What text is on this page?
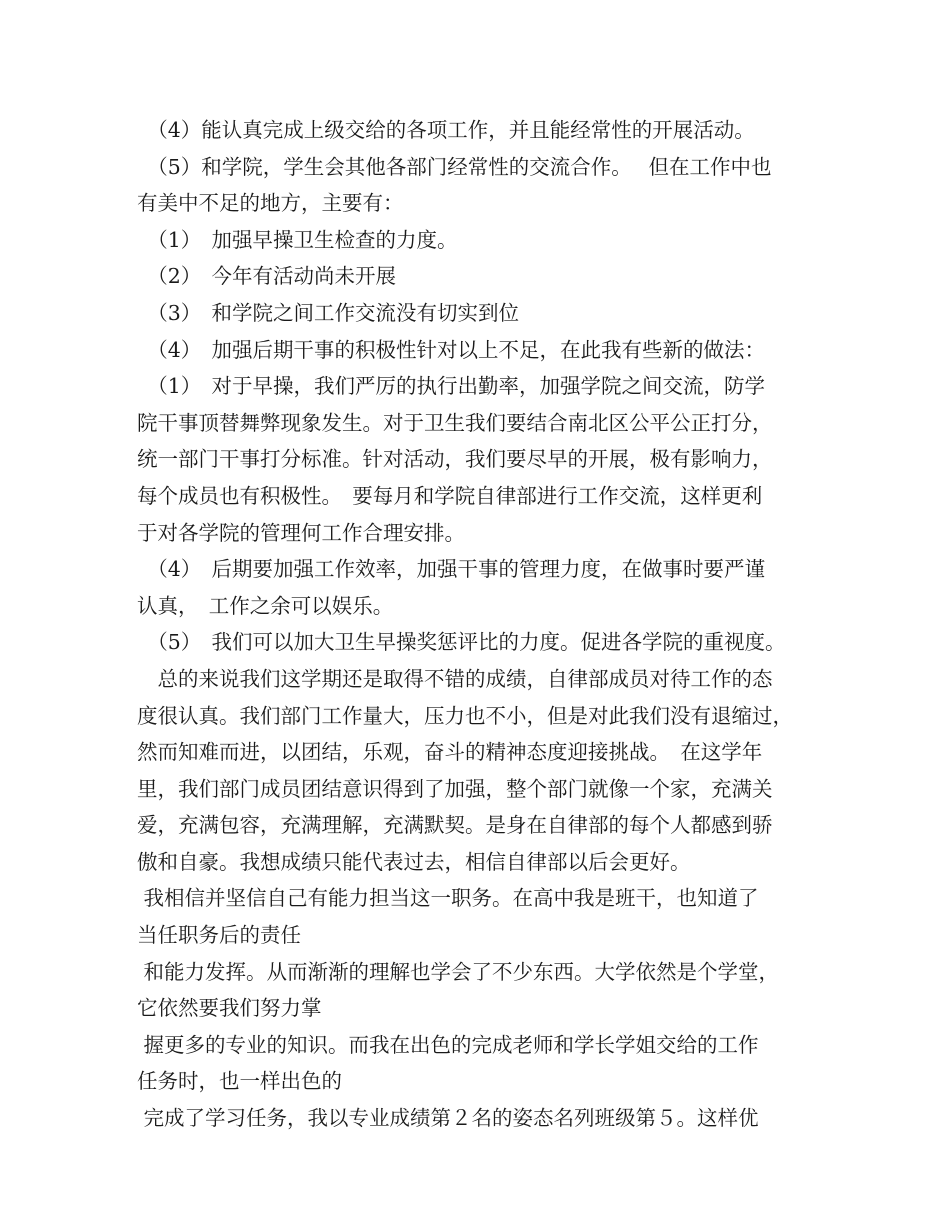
（4）能认真完成上级交给的各项工作，并且能经常性的开展活动。
（5）和学院，学生会其他各部门经常性的交流合作。　 但在工作中也
有美中不足的地方，主要有：
（1）　加强早操卫生检查的力度。
（2）　今年有活动尚未开展
（3）　和学院之间工作交流没有切实到位
（4）　加强后期干事的积极性针对以上不足，在此我有些新的做法：
（1）　对于早操，我们严厉的执行出勤率，加强学院之间交流，防学
院干事顶替舞弊现象发生。对于卫生我们要结合南北区公平公正打分，
统一部门干事打分标准。针对活动，我们要尽早的开展，极有影响力，
每个成员也有积极性。　要每月和学院自律部进行工作交流，这样更利
于对各学院的管理何工作合理安排。
（4）　后期要加强工作效率，加强干事的管理力度，在做事时要严谨
认真，　工作之余可以娱乐。
（5）　我们可以加大卫生早操奖惩评比的力度。促进各学院的重视度。
　总的来说我们这学期还是取得不错的成绩，自律部成员对待工作的态
度很认真。我们部门工作量大，压力也不小，但是对此我们没有退缩过，
然而知难而进，以团结，乐观，奋斗的精神态度迎接挑战。　在这学年
里，我们部门成员团结意识得到了加强，整个部门就像一个家，充满关
爱，充满包容，充满理解，充满默契。是身在自律部的每个人都感到骄
傲和自豪。我想成绩只能代表过去，相信自律部以后会更好。
我相信并坚信自己有能力担当这一职务。在高中我是班干，也知道了
当任职务后的责任
和能力发挥。从而渐渐的理解也学会了不少东西。大学依然是个学堂，
它依然要我们努力掌
握更多的专业的知识。而我在出色的完成老师和学长学姐交给的工作
任务时，也一样出色的
完成了学习任务，我以专业成绩第２名的姿态名列班级第５。这样优
